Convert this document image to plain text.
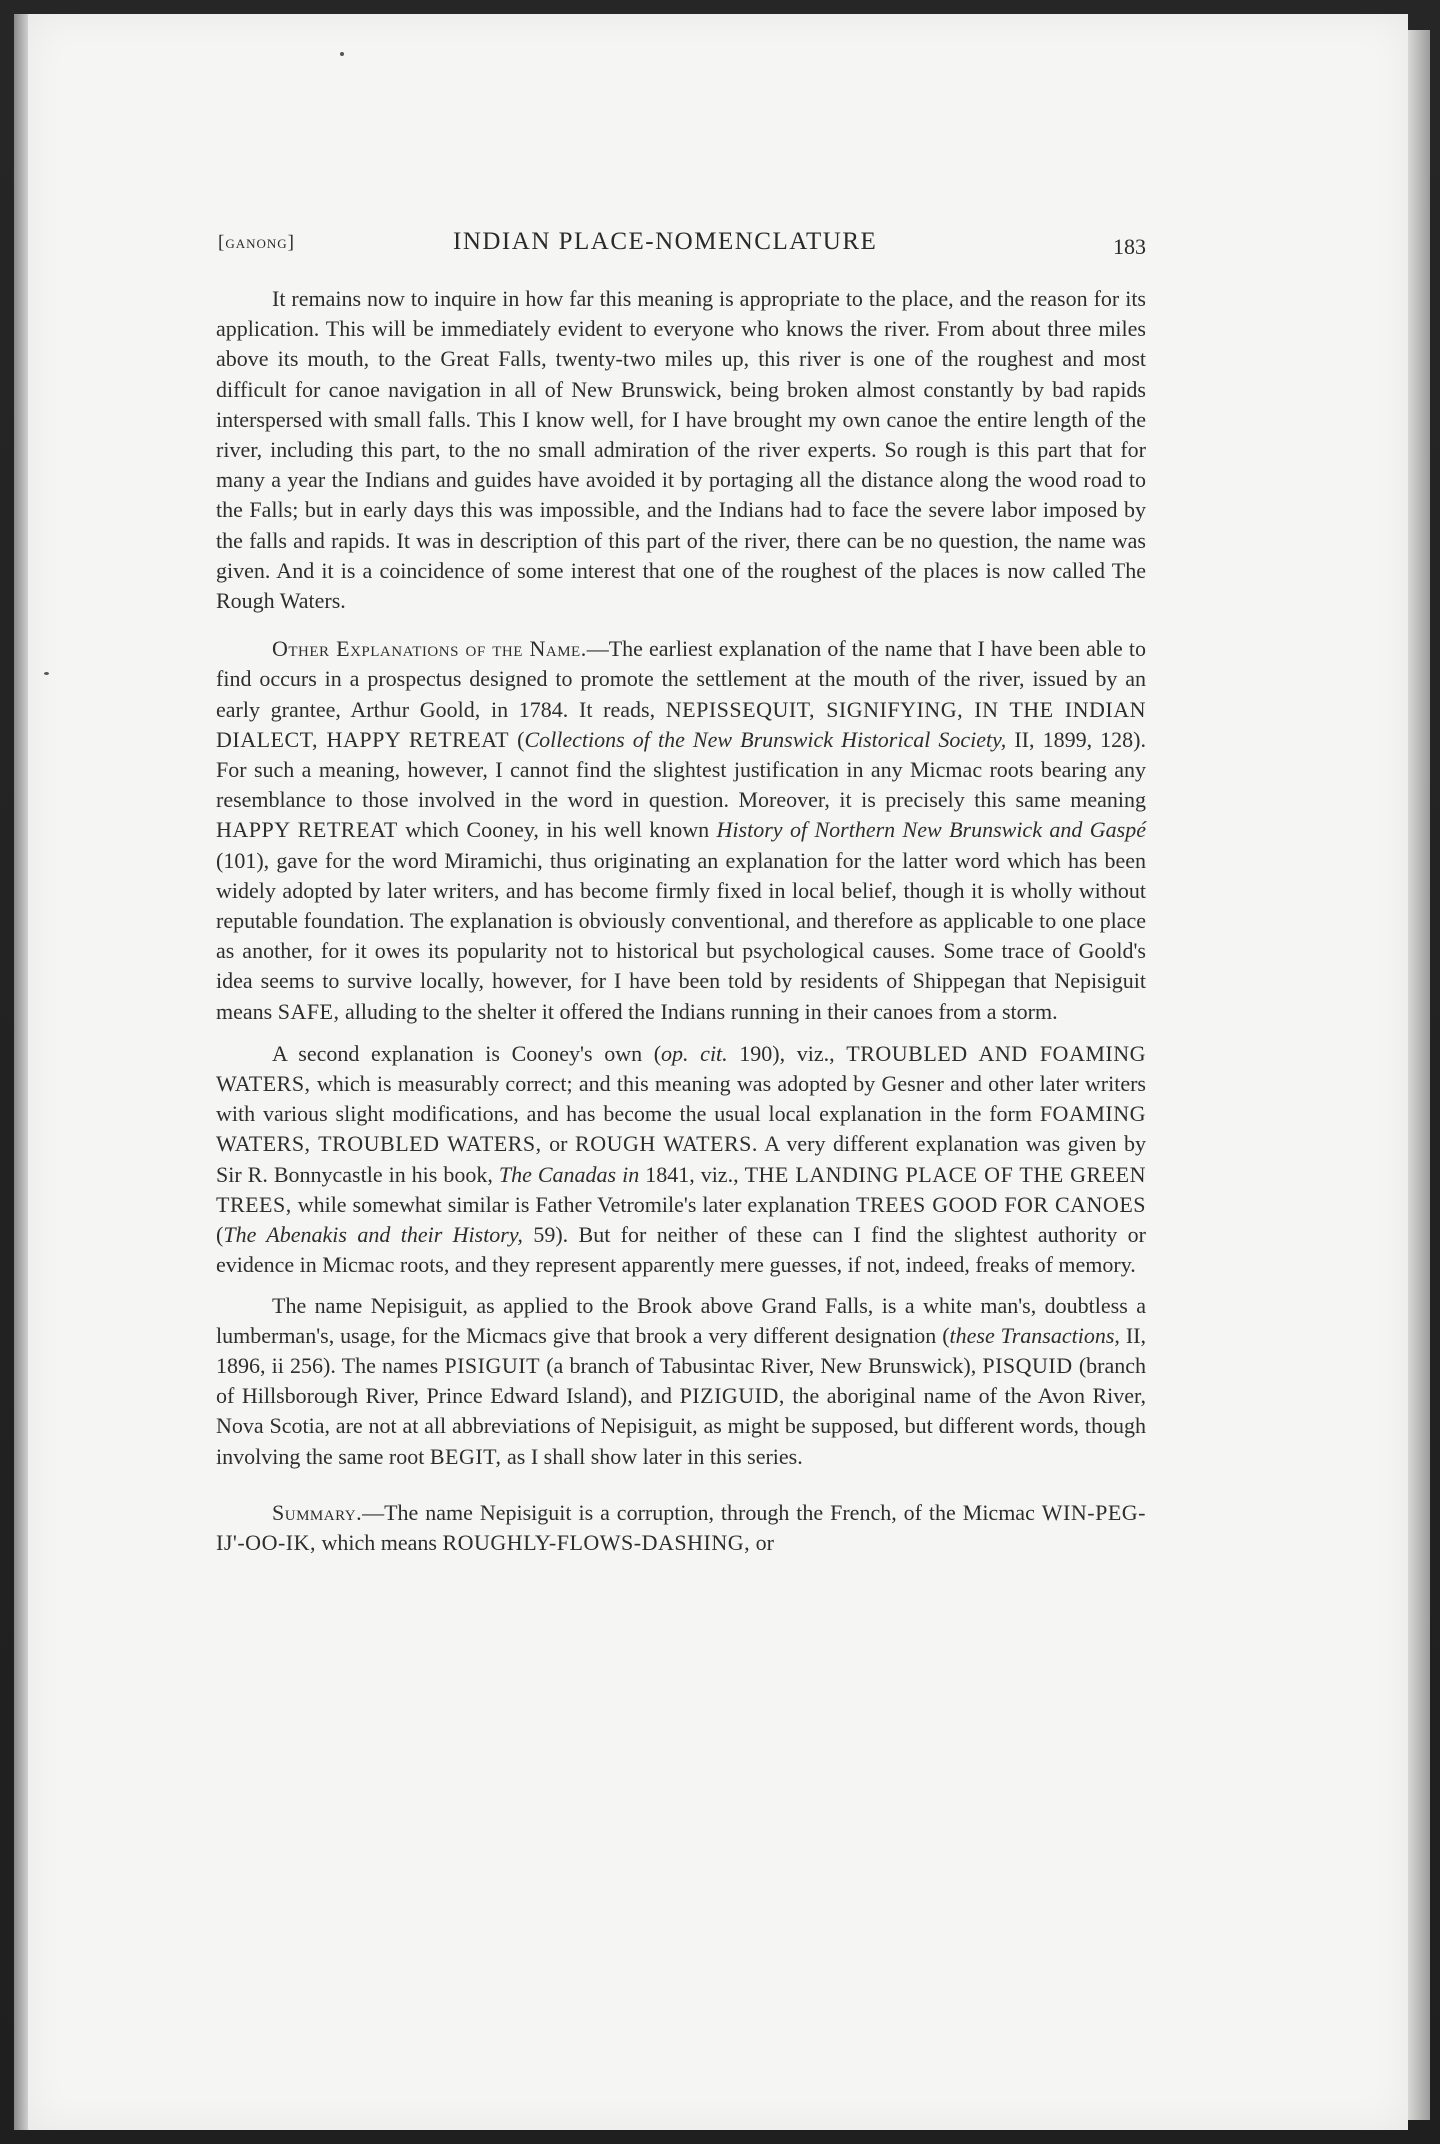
[ganong]	INDIAN PLACE-NOMENCLATURE	183

It remains now to inquire in how far this meaning is appropriate to the place, and the reason for its application. This will be immediately evident to everyone who knows the river. From about three miles above its mouth, to the Great Falls, twenty-two miles up, this river is one of the roughest and most difficult for canoe navigation in all of New Brunswick, being broken almost constantly by bad rapids interspersed with small falls. This I know well, for I have brought my own canoe the entire length of the river, including this part, to the no small admiration of the river experts. So rough is this part that for many a year the Indians and guides have avoided it by portaging all the distance along the wood road to the Falls; but in early days this was impossible, and the Indians had to face the severe labor imposed by the falls and rapids. It was in description of this part of the river, there can be no question, the name was given. And it is a coincidence of some interest that one of the roughest of the places is now called The Rough Waters.

Other Explanations of the Name.—The earliest explanation of the name that I have been able to find occurs in a prospectus designed to promote the settlement at the mouth of the river, issued by an early grantee, Arthur Goold, in 1784. It reads, NEPISSEQUIT, SIGNIFYING, IN THE INDIAN DIALECT, HAPPY RETREAT (Collections of the New Brunswick Historical Society, II, 1899, 128). For such a meaning, however, I cannot find the slightest justification in any Micmac roots bearing any resemblance to those involved in the word in question. Moreover, it is precisely this same meaning HAPPY RETREAT which Cooney, in his well known History of Northern New Brunswick and Gaspé (101), gave for the word Miramichi, thus originating an explanation for the latter word which has been widely adopted by later writers, and has become firmly fixed in local belief, though it is wholly without reputable foundation. The explanation is obviously conventional, and therefore as applicable to one place as another, for it owes its popularity not to historical but psychological causes. Some trace of Goold's idea seems to survive locally, however, for I have been told by residents of Shippegan that Nepisiguit means SAFE, alluding to the shelter it offered the Indians running in their canoes from a storm.

A second explanation is Cooney's own (op. cit. 190), viz., TROUBLED AND FOAMING WATERS, which is measurably correct; and this meaning was adopted by Gesner and other later writers with various slight modifications, and has become the usual local explanation in the form FOAMING WATERS, TROUBLED WATERS, or ROUGH WATERS. A very different explanation was given by Sir R. Bonnycastle in his book, The Canadas in 1841, viz., THE LANDING PLACE OF THE GREEN TREES, while somewhat similar is Father Vetromile's later explanation TREES GOOD FOR CANOES (The Abenakis and their History, 59). But for neither of these can I find the slightest authority or evidence in Micmac roots, and they represent apparently mere guesses, if not, indeed, freaks of memory.

The name Nepisiguit, as applied to the Brook above Grand Falls, is a white man's, doubtless a lumberman's, usage, for the Micmacs give that brook a very different designation (these Transactions, II, 1896, ii 256). The names PISIGUIT (a branch of Tabusintac River, New Brunswick), PISQUID (branch of Hillsborough River, Prince Edward Island), and PIZIGUID, the aboriginal name of the Avon River, Nova Scotia, are not at all abbreviations of Nepisiguit, as might be supposed, but different words, though involving the same root BEGIT, as I shall show later in this series.

Summary.—The name Nepisiguit is a corruption, through the French, of the Micmac WIN-PEG-IJ'-OO-IK, which means ROUGHLY-FLOWS-DASHING, or
